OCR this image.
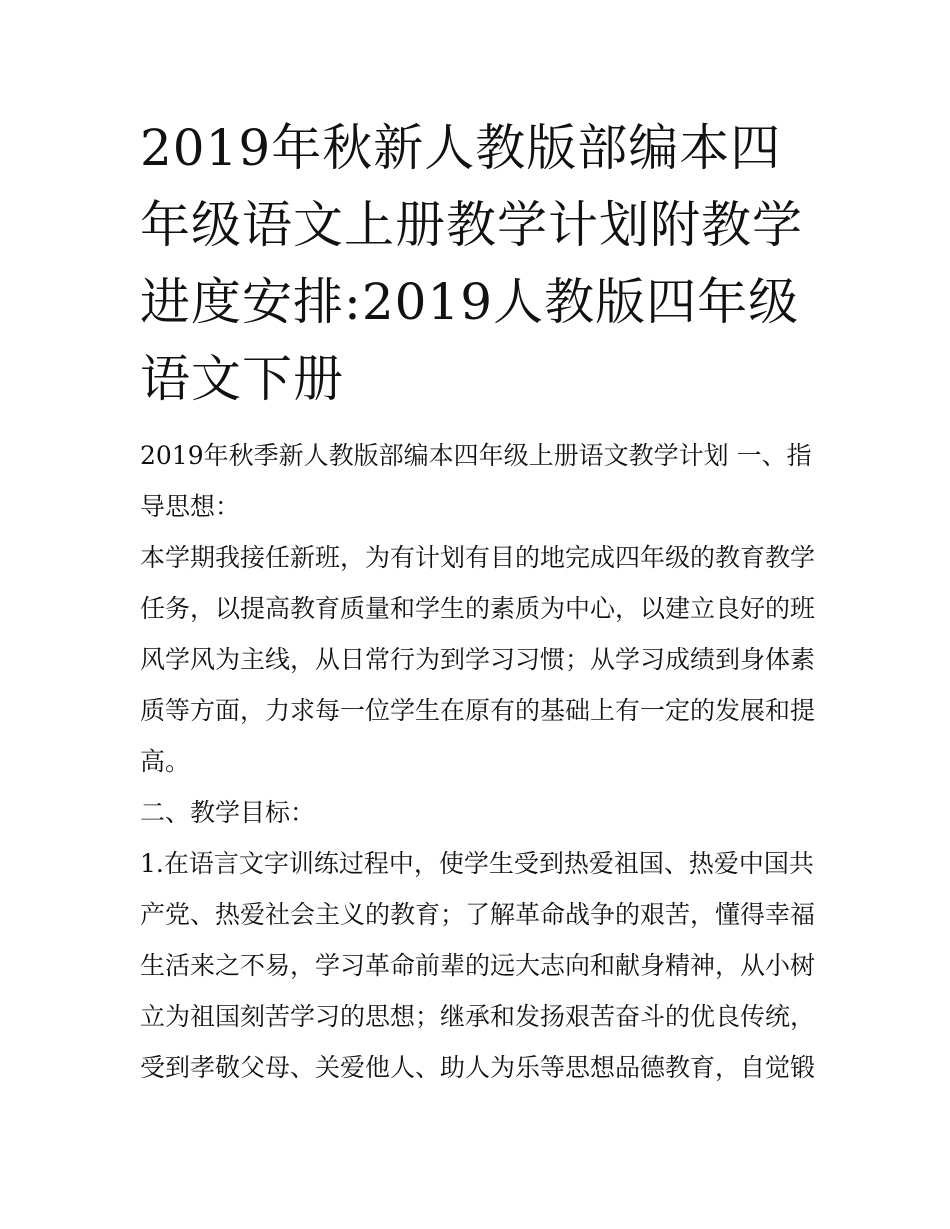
2019年秋新人教版部编本四年级语文上册教学计划附教学进度安排:2019人教版四年级语文下册

2019年秋季新人教版部编本四年级上册语文教学计划 一、指导思想：

本学期我接任新班，为有计划有目的地完成四年级的教育教学任务，以提高教育质量和学生的素质为中心，以建立良好的班风学风为主线，从日常行为到学习习惯；从学习成绩到身体素质等方面，力求每一位学生在原有的基础上有一定的发展和提高。

二、教学目标：

1.在语言文字训练过程中，使学生受到热爱祖国、热爱中国共产党、热爱社会主义的教育；了解革命战争的艰苦，懂得幸福生活来之不易，学习革命前辈的远大志向和献身精神，从小树立为祖国刻苦学习的思想；继承和发扬艰苦奋斗的优良传统，受到孝敬父母、关爱他人、助人为乐等思想品德教育，自觉锻
